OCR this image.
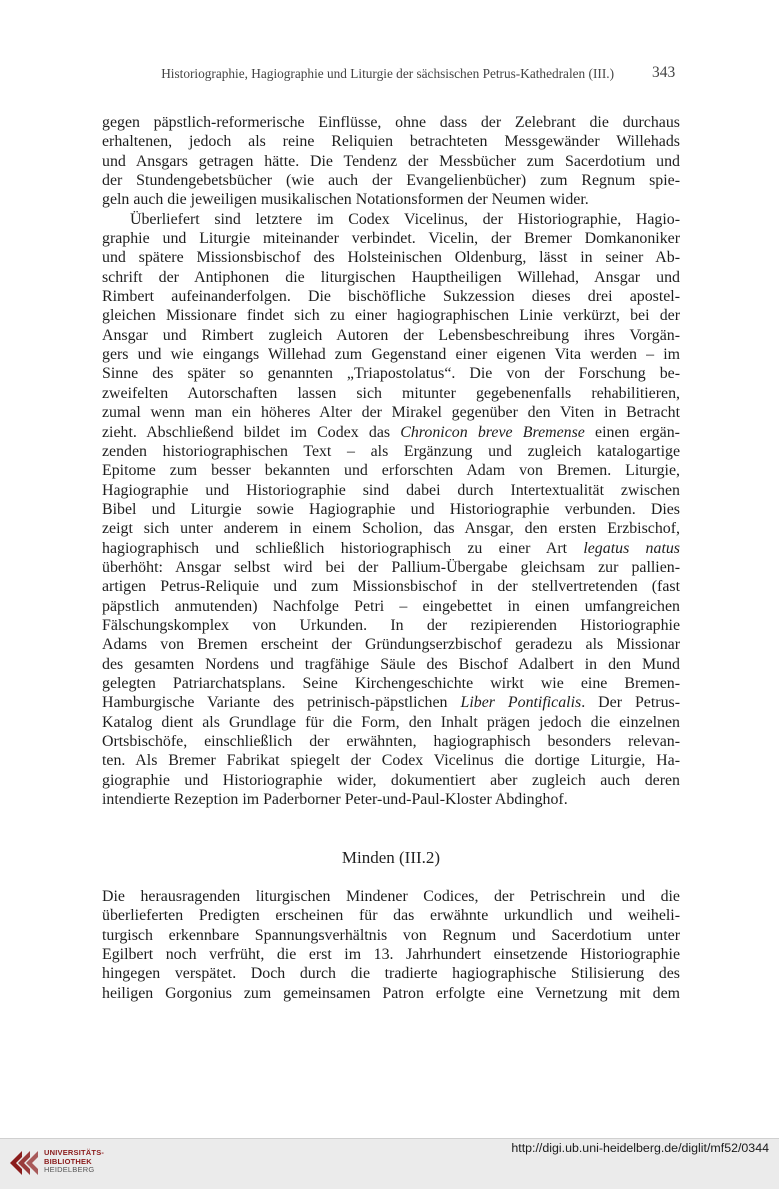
Historiographie, Hagiographie und Liturgie der sächsischen Petrus-Kathedralen (III.) 343
gegen päpstlich-reformerische Einflüsse, ohne dass der Zelebrant die durchaus
erhaltenen, jedoch als reine Reliquien betrachteten Messgewänder Willehads
und Ansgars getragen hätte. Die Tendenz der Messbücher zum Sacerdotium und
der Stundengebetsbücher (wie auch der Evangelienbücher) zum Regnum spie-
geln auch die jeweiligen musikalischen Notationsformen der Neumen wider.
Überliefert sind letztere im Codex Vicelinus, der Historiographie, Hagio-
graphie und Liturgie miteinander verbindet. Vicelin, der Bremer Domkanoniker
und spätere Missionsbischof des Holsteinischen Oldenburg, lässt in seiner Ab-
schrift der Antiphonen die liturgischen Hauptheiligen Willehad, Ansgar und
Rimbert aufeinanderfolgen. Die bischöfliche Sukzession dieses drei apostel-
gleichen Missionare findet sich zu einer hagiographischen Linie verkürzt, bei der
Ansgar und Rimbert zugleich Autoren der Lebensbeschreibung ihres Vorgän-
gers und wie eingangs Willehad zum Gegenstand einer eigenen Vita werden – im
Sinne des später so genannten „Triapostolatus“. Die von der Forschung be-
zweifelten Autorschaften lassen sich mitunter gegebenenfalls rehabilitieren,
zumal wenn man ein höheres Alter der Mirakel gegenüber den Viten in Betracht
zieht. Abschließend bildet im Codex das Chronicon breve Bremense einen ergän-
zenden historiographischen Text – als Ergänzung und zugleich katalogartige
Epitome zum besser bekannten und erforschten Adam von Bremen. Liturgie,
Hagiographie und Historiographie sind dabei durch Intertextualität zwischen
Bibel und Liturgie sowie Hagiographie und Historiographie verbunden. Dies
zeigt sich unter anderem in einem Scholion, das Ansgar, den ersten Erzbischof,
hagiographisch und schließlich historiographisch zu einer Art legatus natus
überhöht: Ansgar selbst wird bei der Pallium-Übergabe gleichsam zur pallien-
artigen Petrus-Reliquie und zum Missionsbischof in der stellvertretenden (fast
päpstlich anmutenden) Nachfolge Petri – eingebettet in einen umfangreichen
Fälschungskomplex von Urkunden. In der rezipierenden Historiographie
Adams von Bremen erscheint der Gründungserzbischof geradezu als Missionar
des gesamten Nordens und tragfähige Säule des Bischof Adalbert in den Mund
gelegten Patriarchatsplans. Seine Kirchengeschichte wirkt wie eine Bremen-
Hamburgische Variante des petrinisch-päpstlichen Liber Pontificalis. Der Petrus-
Katalog dient als Grundlage für die Form, den Inhalt prägen jedoch die einzelnen
Ortsbischöfe, einschließlich der erwähnten, hagiographisch besonders relevan-
ten. Als Bremer Fabrikat spiegelt der Codex Vicelinus die dortige Liturgie, Ha-
giographie und Historiographie wider, dokumentiert aber zugleich auch deren
intendierte Rezeption im Paderborner Peter-und-Paul-Kloster Abdinghof.
Minden (III.2)
Die herausragenden liturgischen Mindener Codices, der Petrischrein und die
überlieferten Predigten erscheinen für das erwähnte urkundlich und weiheli-
turgisch erkennbare Spannungsverhältnis von Regnum und Sacerdotium unter
Egilbert noch verfrüht, die erst im 13. Jahrhundert einsetzende Historiographie
hingegen verspätet. Doch durch die tradierte hagiographische Stilisierung des
heiligen Gorgonius zum gemeinsamen Patron erfolgte eine Vernetzung mit dem
UNIVERSITÄTS-
BIBLIOTHEK
HEIDELBERG
http://digi.ub.uni-heidelberg.de/diglit/mf52/0344
